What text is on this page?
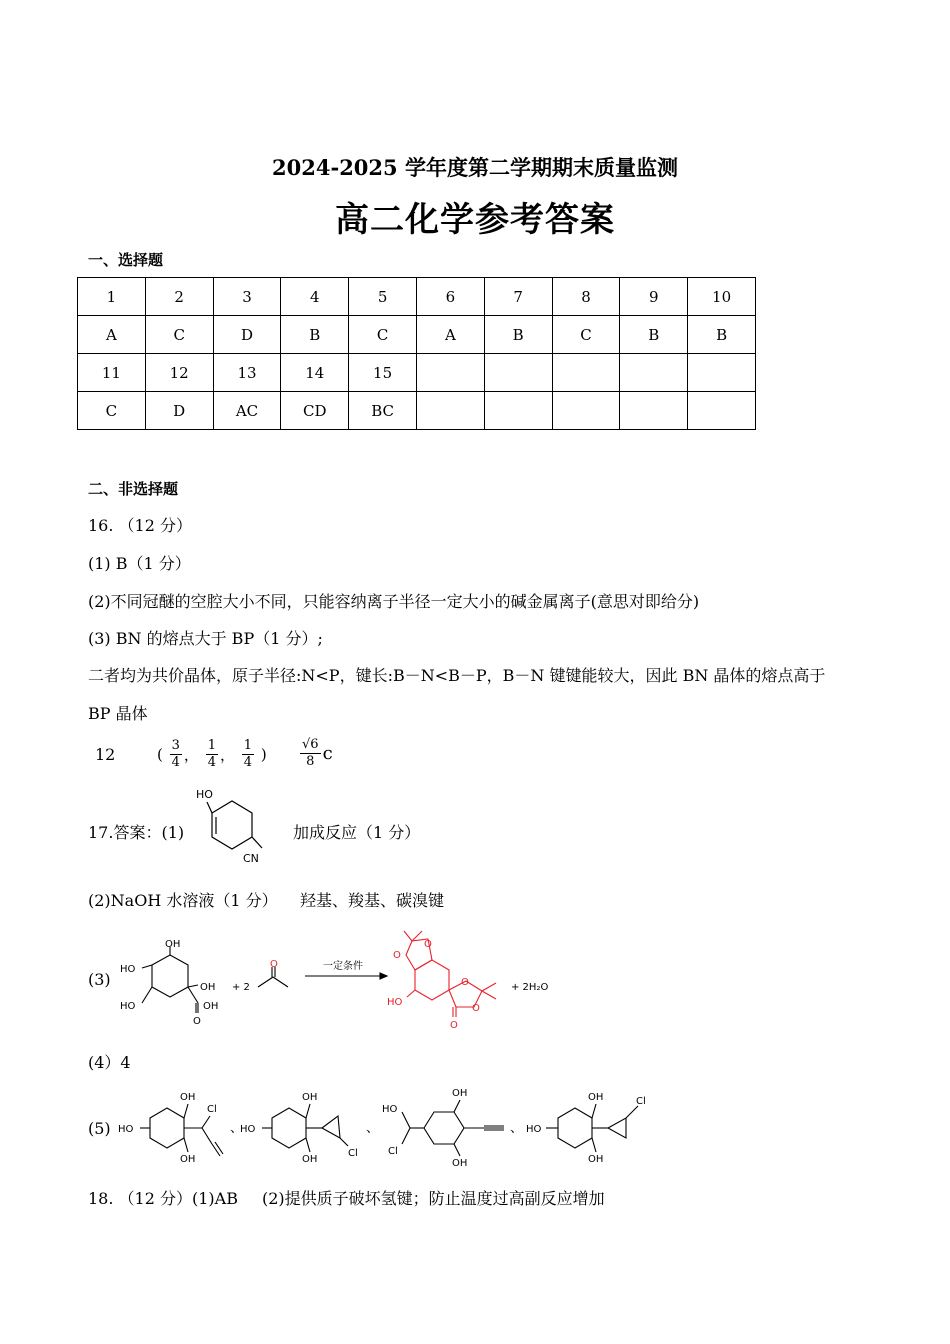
2024-2025 学年度第二学期期末质量监测
高二化学参考答案
一、选择题
1	2	3	4	5	6	7	8	9	10
A	C	D	B	C	A	B	C	B	B
11	12	13	14	15					
C	D	AC	CD	BC					
二、非选择题
16. （12 分）
(1) B（1 分）
(2)不同冠醚的空腔大小不同，只能容纳离子半径一定大小的碱金属离子(意思对即给分)
(3) BN 的熔点大于 BP（1 分）;
二者均为共价晶体，原子半径:N<P，键长:B－N<B－P，B－N 键键能较大，因此 BN 晶体的熔点高于
BP 晶体
12	( $\frac{3}{4}$ ， $\frac{1}{4}$ ， $\frac{1}{4}$ )	$\frac{√6}{8}$ c
17.答案：(1)
HO
CN
加成反应（1 分）
(2)NaOH 水溶液（1 分） 羟基、羧基、碳溴键
(3)
OH
HO
HO
OH
O
OH
+ 2
O	一定条件
O
O
O
O
O
HO
+ 2H₂O
(4）4
(5)
OH
HO
OH
Cl
、
OH
HO
OH
Cl
、
HO
OH
Cl
OH
、
OH
HO
OH
Cl
18. （12 分）(1)AB (2)提供质子破坏氢键；防止温度过高副反应增加
